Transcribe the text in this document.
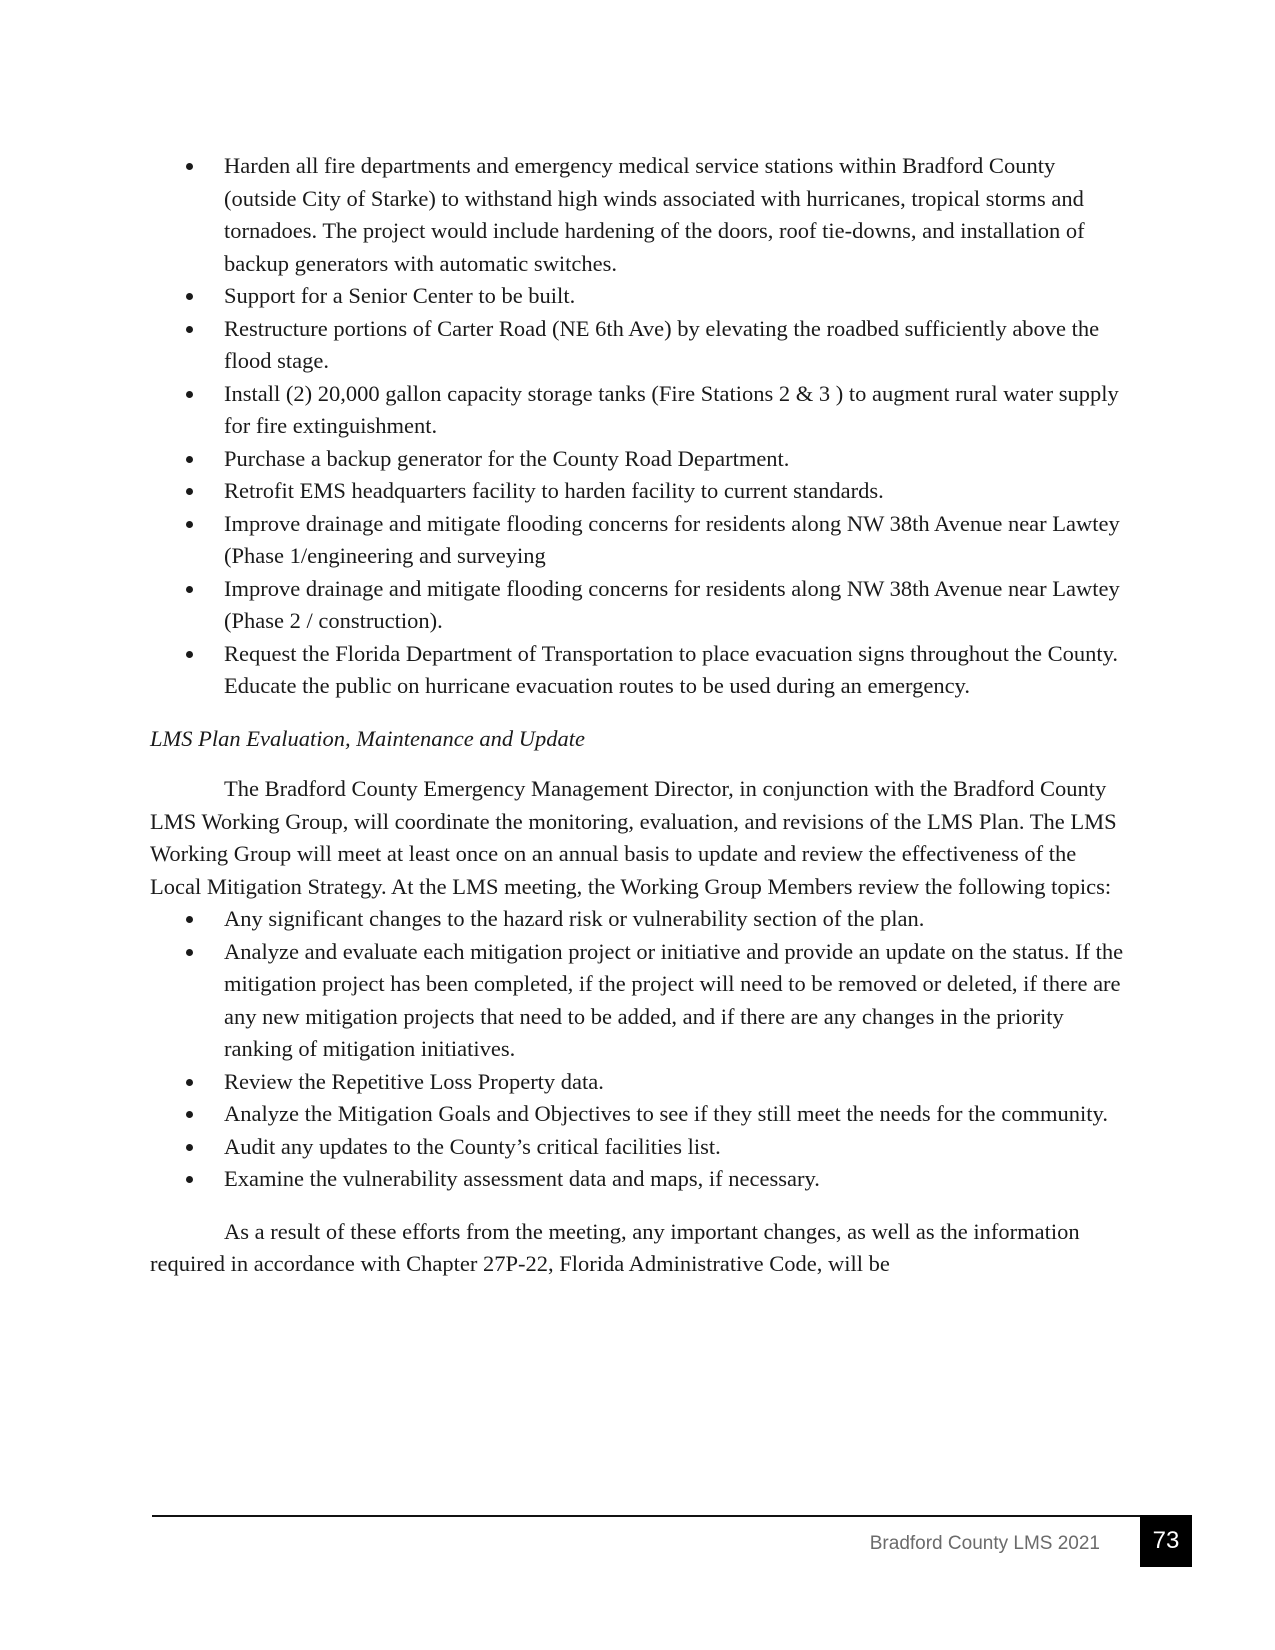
Harden all fire departments and emergency medical service stations within Bradford County (outside City of Starke) to withstand high winds associated with hurricanes, tropical storms and tornadoes. The project would include hardening of the doors, roof tie-downs, and installation of backup generators with automatic switches.
Support for a Senior Center to be built.
Restructure portions of Carter Road (NE 6th Ave) by elevating the roadbed sufficiently above the flood stage.
Install (2) 20,000 gallon capacity storage tanks (Fire Stations 2 & 3 ) to augment rural water supply for fire extinguishment.
Purchase a backup generator for the County Road Department.
Retrofit EMS headquarters facility to harden facility to current standards.
Improve drainage and mitigate flooding concerns for residents along NW 38th Avenue near Lawtey (Phase 1/engineering and surveying
Improve drainage and mitigate flooding concerns for residents along NW 38th Avenue near Lawtey (Phase 2 / construction).
Request the Florida Department of Transportation to place evacuation signs throughout the County. Educate the public on hurricane evacuation routes to be used during an emergency.

LMS Plan Evaluation, Maintenance and Update

The Bradford County Emergency Management Director, in conjunction with the Bradford County LMS Working Group, will coordinate the monitoring, evaluation, and revisions of the LMS Plan. The LMS Working Group will meet at least once on an annual basis to update and review the effectiveness of the Local Mitigation Strategy. At the LMS meeting, the Working Group Members review the following topics:

Any significant changes to the hazard risk or vulnerability section of the plan.
Analyze and evaluate each mitigation project or initiative and provide an update on the status. If the mitigation project has been completed, if the project will need to be removed or deleted, if there are any new mitigation projects that need to be added, and if there are any changes in the priority ranking of mitigation initiatives.
Review the Repetitive Loss Property data.
Analyze the Mitigation Goals and Objectives to see if they still meet the needs for the community.
Audit any updates to the County’s critical facilities list.
Examine the vulnerability assessment data and maps, if necessary.

As a result of these efforts from the meeting, any important changes, as well as the information required in accordance with Chapter 27P-22, Florida Administrative Code, will be

Bradford County LMS 2021	73
